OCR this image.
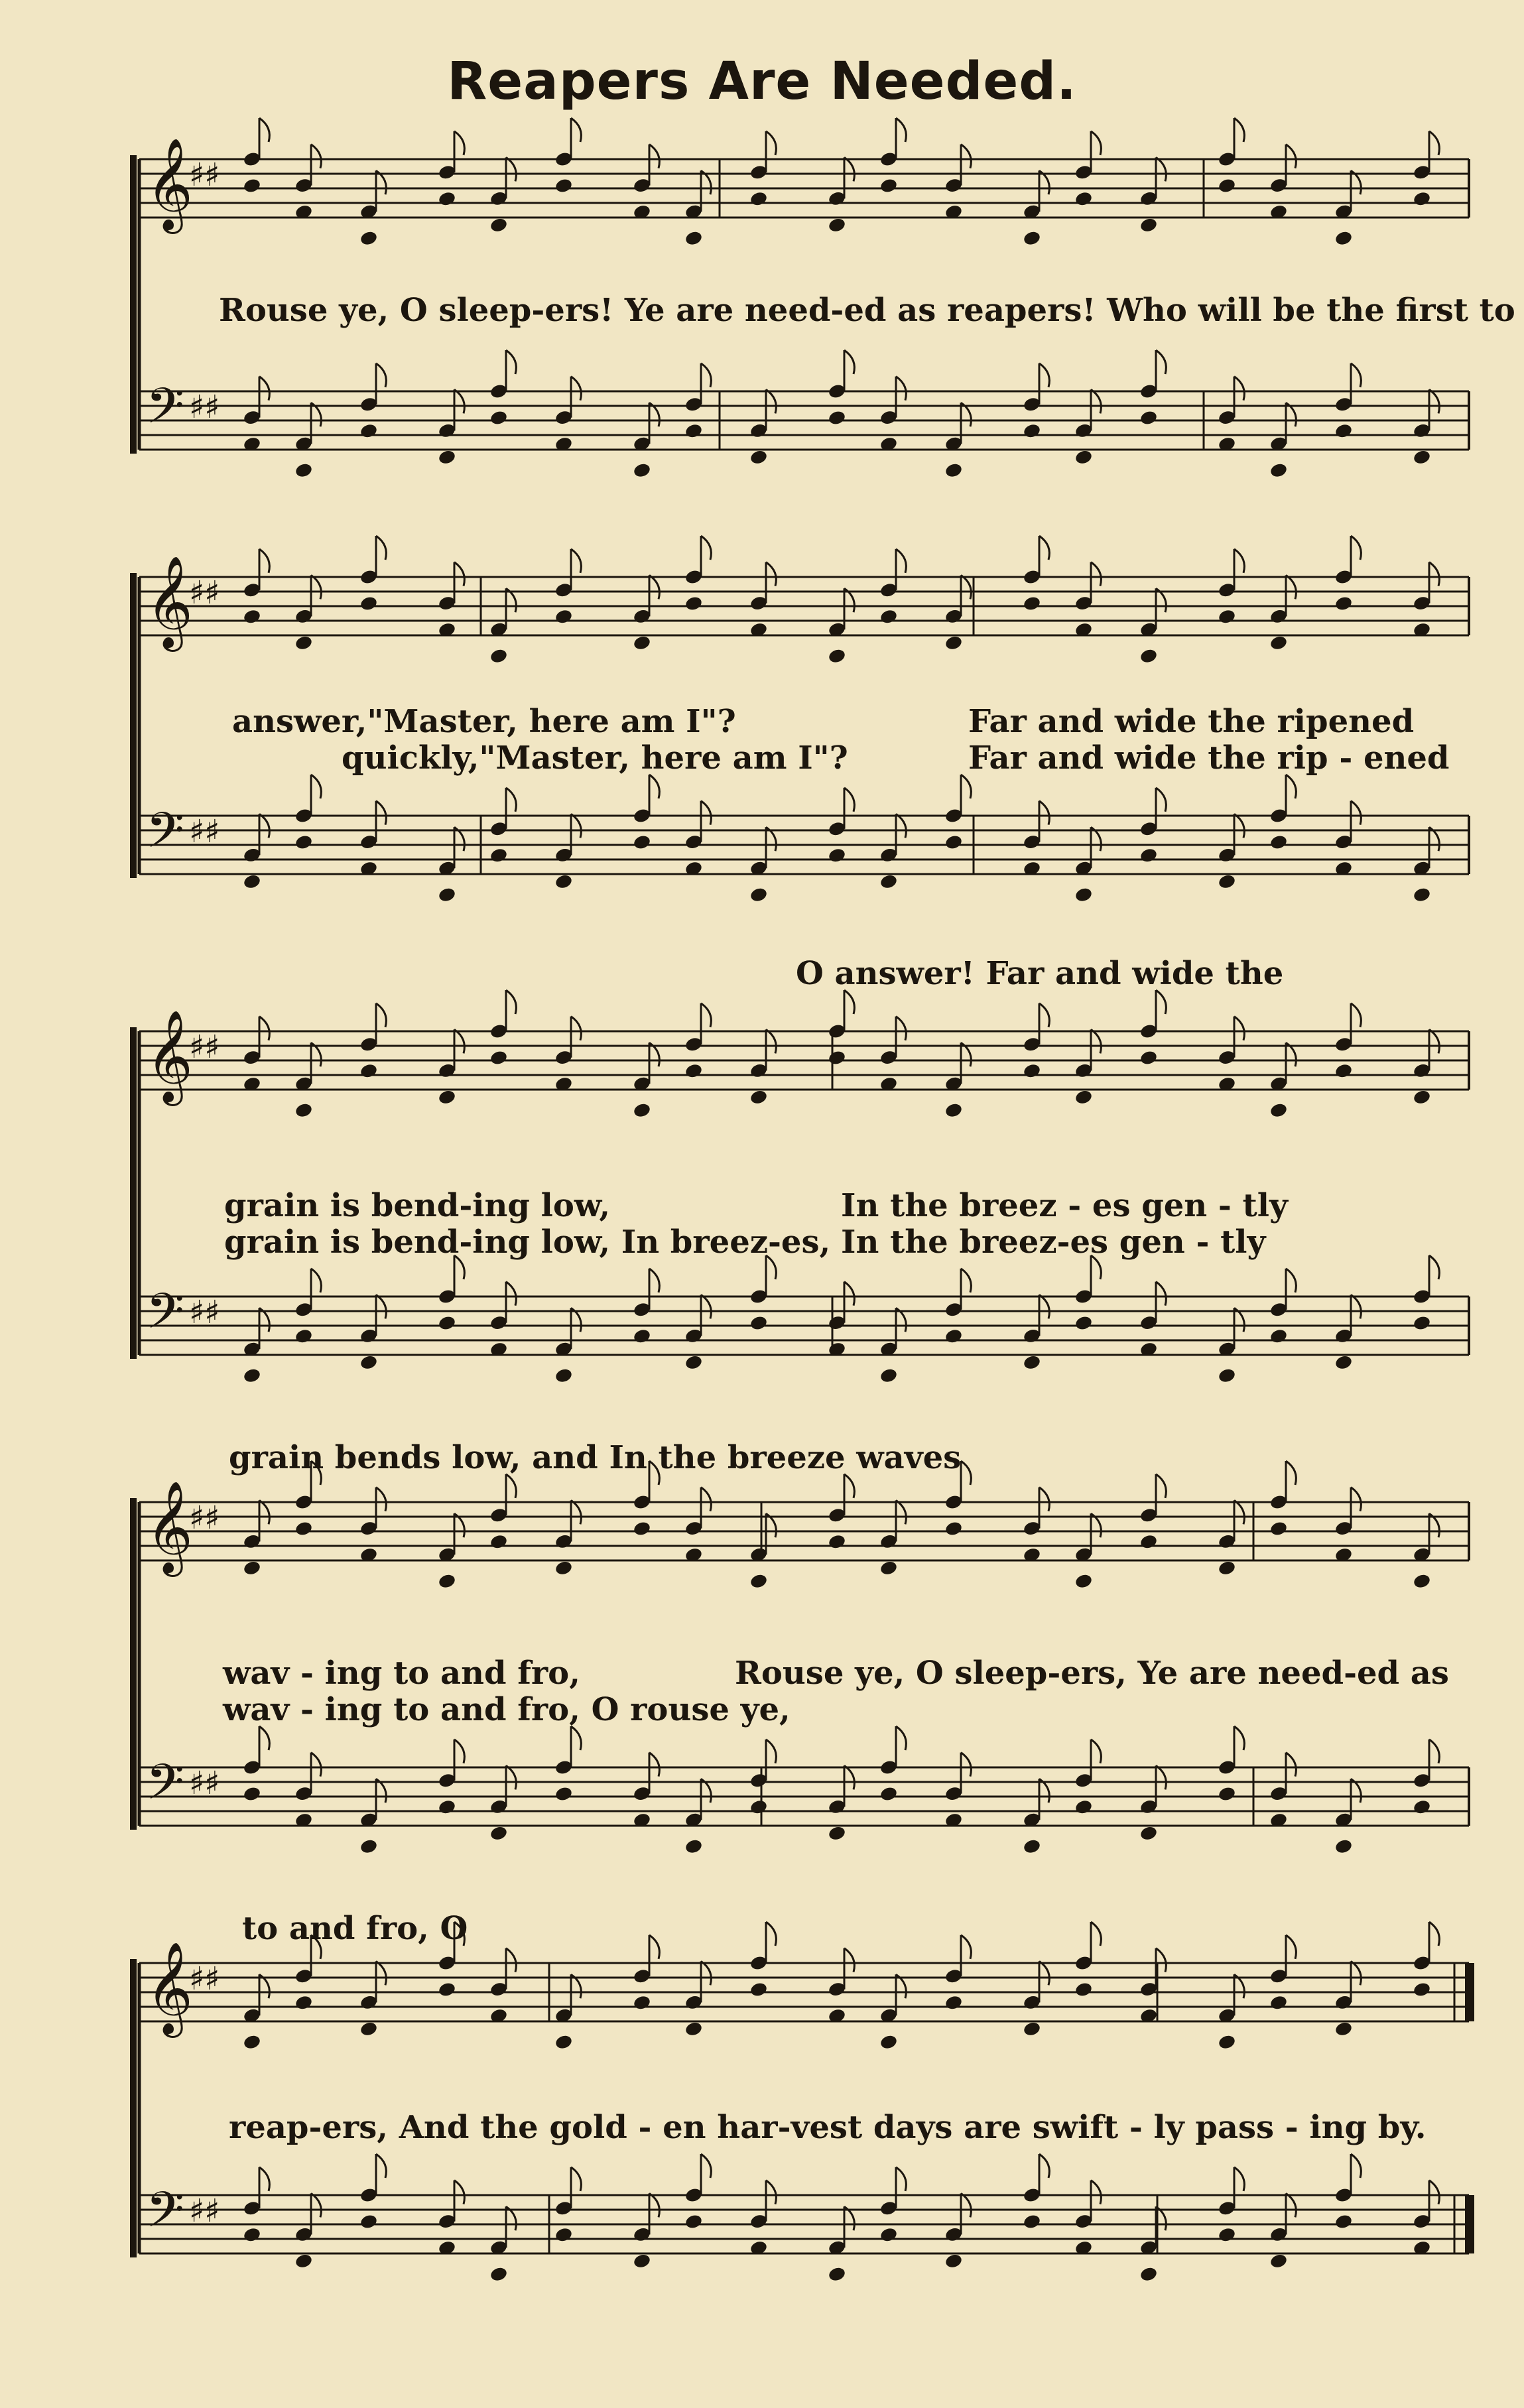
Reapers Are Needed.
𝄞
♯♯
𝄢 ♯♯
𝄞
♯♯
𝄢 ♯♯
𝄞
♯♯
𝄢 ♯♯
𝄞
♯♯
𝄢 ♯♯
𝄞
♯♯
𝄢 ♯♯
Rouse ye, O sleep-ers! Ye are need-ed as reapers! Who will be the first to
answer,"Master, here am I"?
quickly,"Master, here am I"?
Far and wide the ripened
Far and wide the rip - ened
O answer! Far and wide the
grain is bend-ing low,
grain is bend-ing low, In breez-es,
In the breez - es gen - tly
In the breez-es gen - tly
grain bends low, and In the breeze waves
wav - ing to and fro,
wav - ing to and fro, O rouse ye,
Rouse ye, O sleep-ers, Ye are need-ed as
to and fro, O
reap-ers, And the gold - en har-vest days are swift - ly pass - ing by.
